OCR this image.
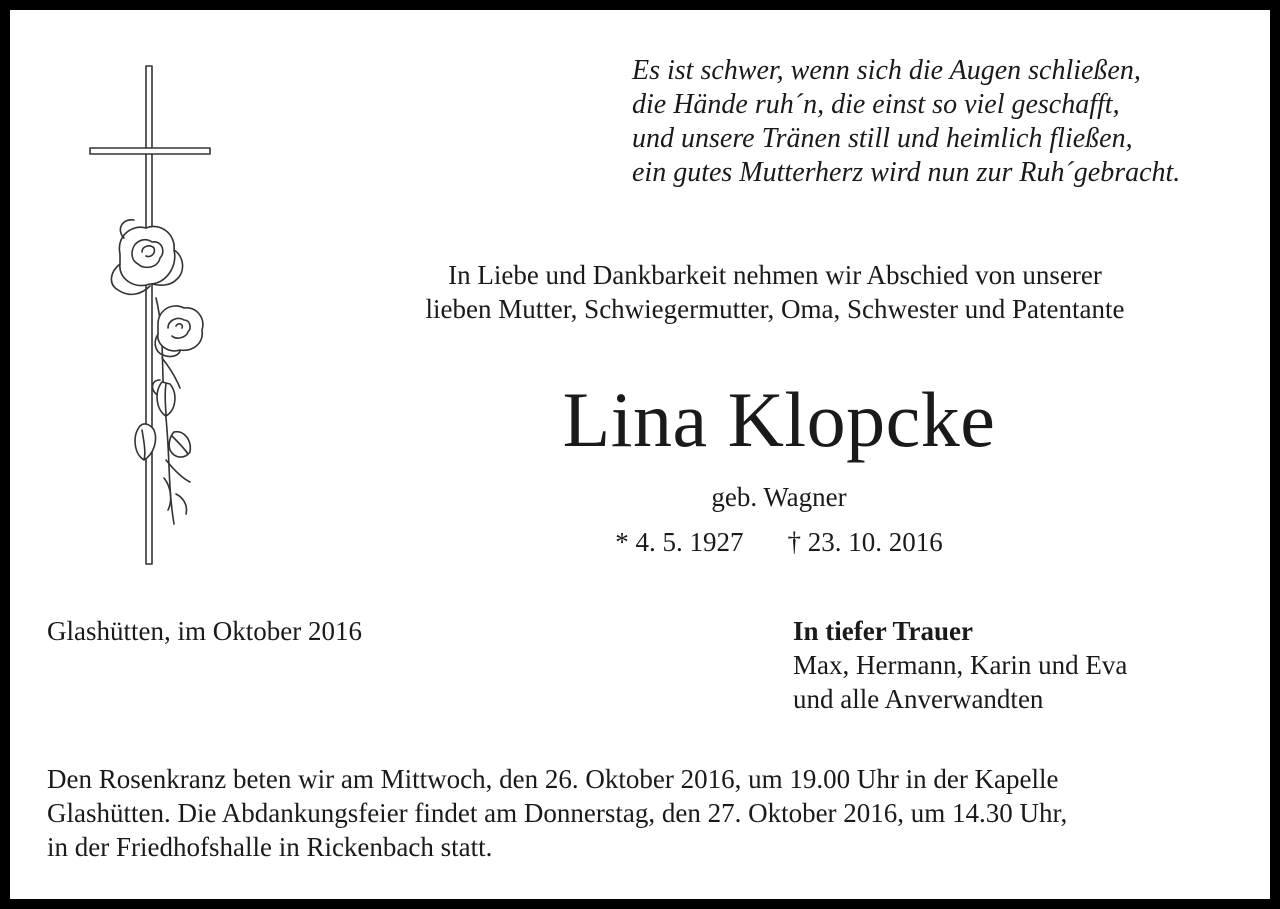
Es ist schwer, wenn sich die Augen schließen,
die Hände ruh´n, die einst so viel geschafft,
und unsere Tränen still und heimlich fließen,
ein gutes Mutterherz wird nun zur Ruh´gebracht.
In Liebe und Dankbarkeit nehmen wir Abschied von unserer
lieben Mutter, Schwiegermutter, Oma, Schwester und Patentante
Lina Klopcke
geb. Wagner
* 4. 5. 1927 † 23. 10. 2016
Glashütten, im Oktober 2016	In tiefer Trauer
Max, Hermann, Karin und Eva
und alle Anverwandten
Den Rosenkranz beten wir am Mittwoch, den 26. Oktober 2016, um 19.00 Uhr in der Kapelle
Glashütten. Die Abdankungsfeier findet am Donnerstag, den 27. Oktober 2016, um 14.30 Uhr,
in der Friedhofshalle in Rickenbach statt.
